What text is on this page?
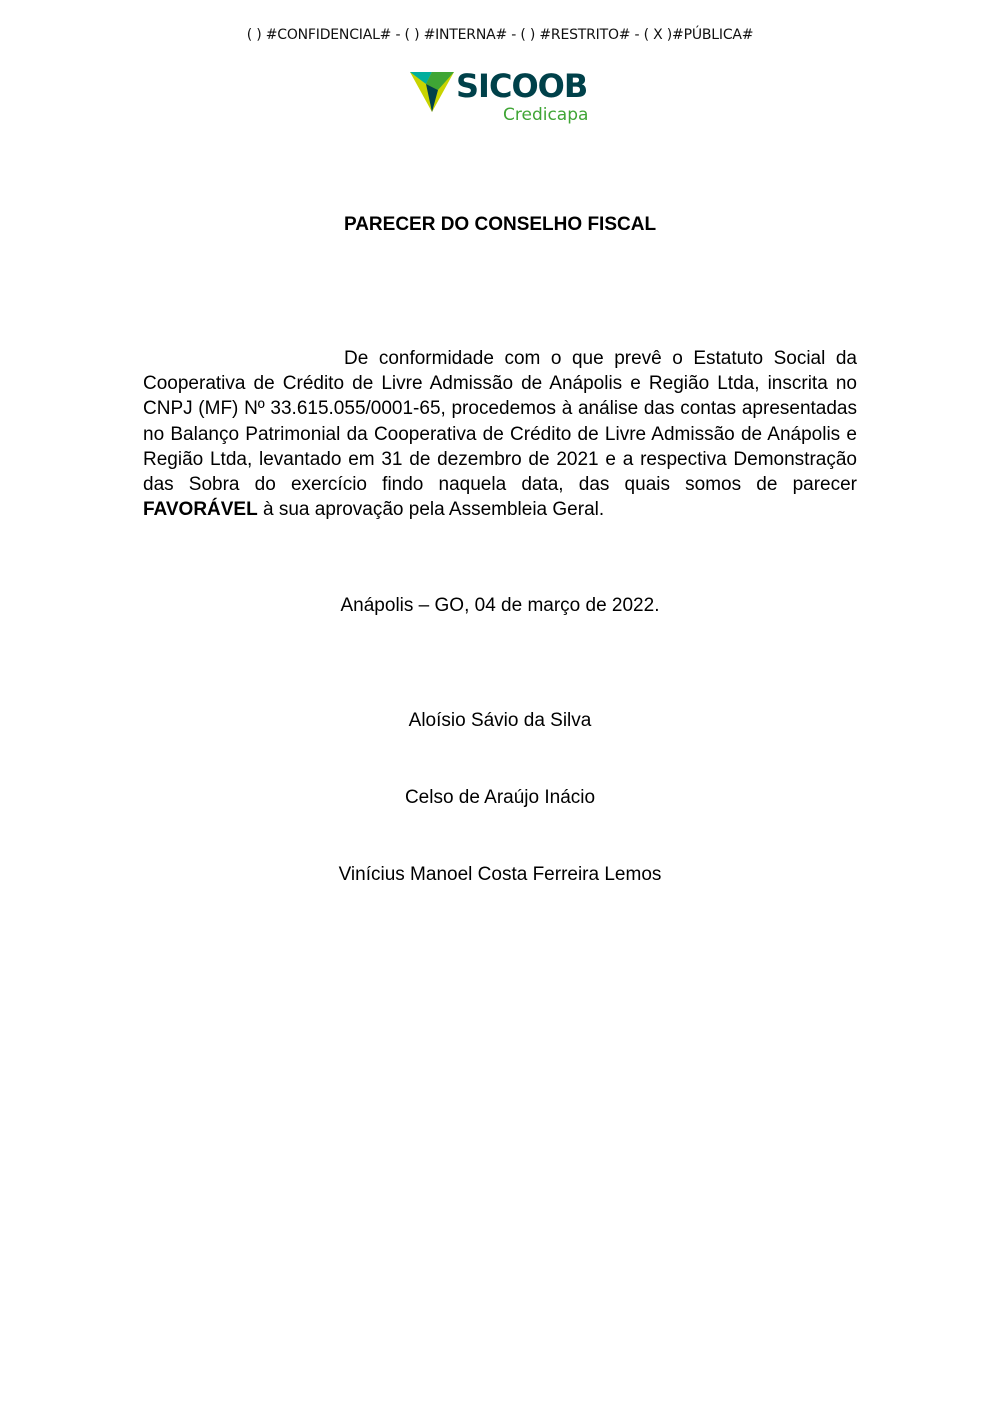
( ) #CONFIDENCIAL# - ( ) #INTERNA# - ( ) #RESTRITO# - ( X )#PÚBLICA#
SICOOB
Credicapa
PARECER DO CONSELHO FISCAL

De conformidade com o que prevê o Estatuto Social da Cooperativa de Crédito de Livre Admissão de Anápolis e Região Ltda, inscrita no CNPJ (MF) Nº 33.615.055/0001-65, procedemos à análise das contas apresentadas no Balanço Patrimonial da Cooperativa de Crédito de Livre Admissão de Anápolis e Região Ltda, levantado em 31 de dezembro de 2021 e a respectiva Demonstração das Sobra do exercício findo naquela data, das quais somos de parecer FAVORÁVEL à sua aprovação pela Assembleia Geral.

Anápolis – GO, 04 de março de 2022.
Aloísio Sávio da Silva
Celso de Araújo Inácio
Vinícius Manoel Costa Ferreira Lemos
